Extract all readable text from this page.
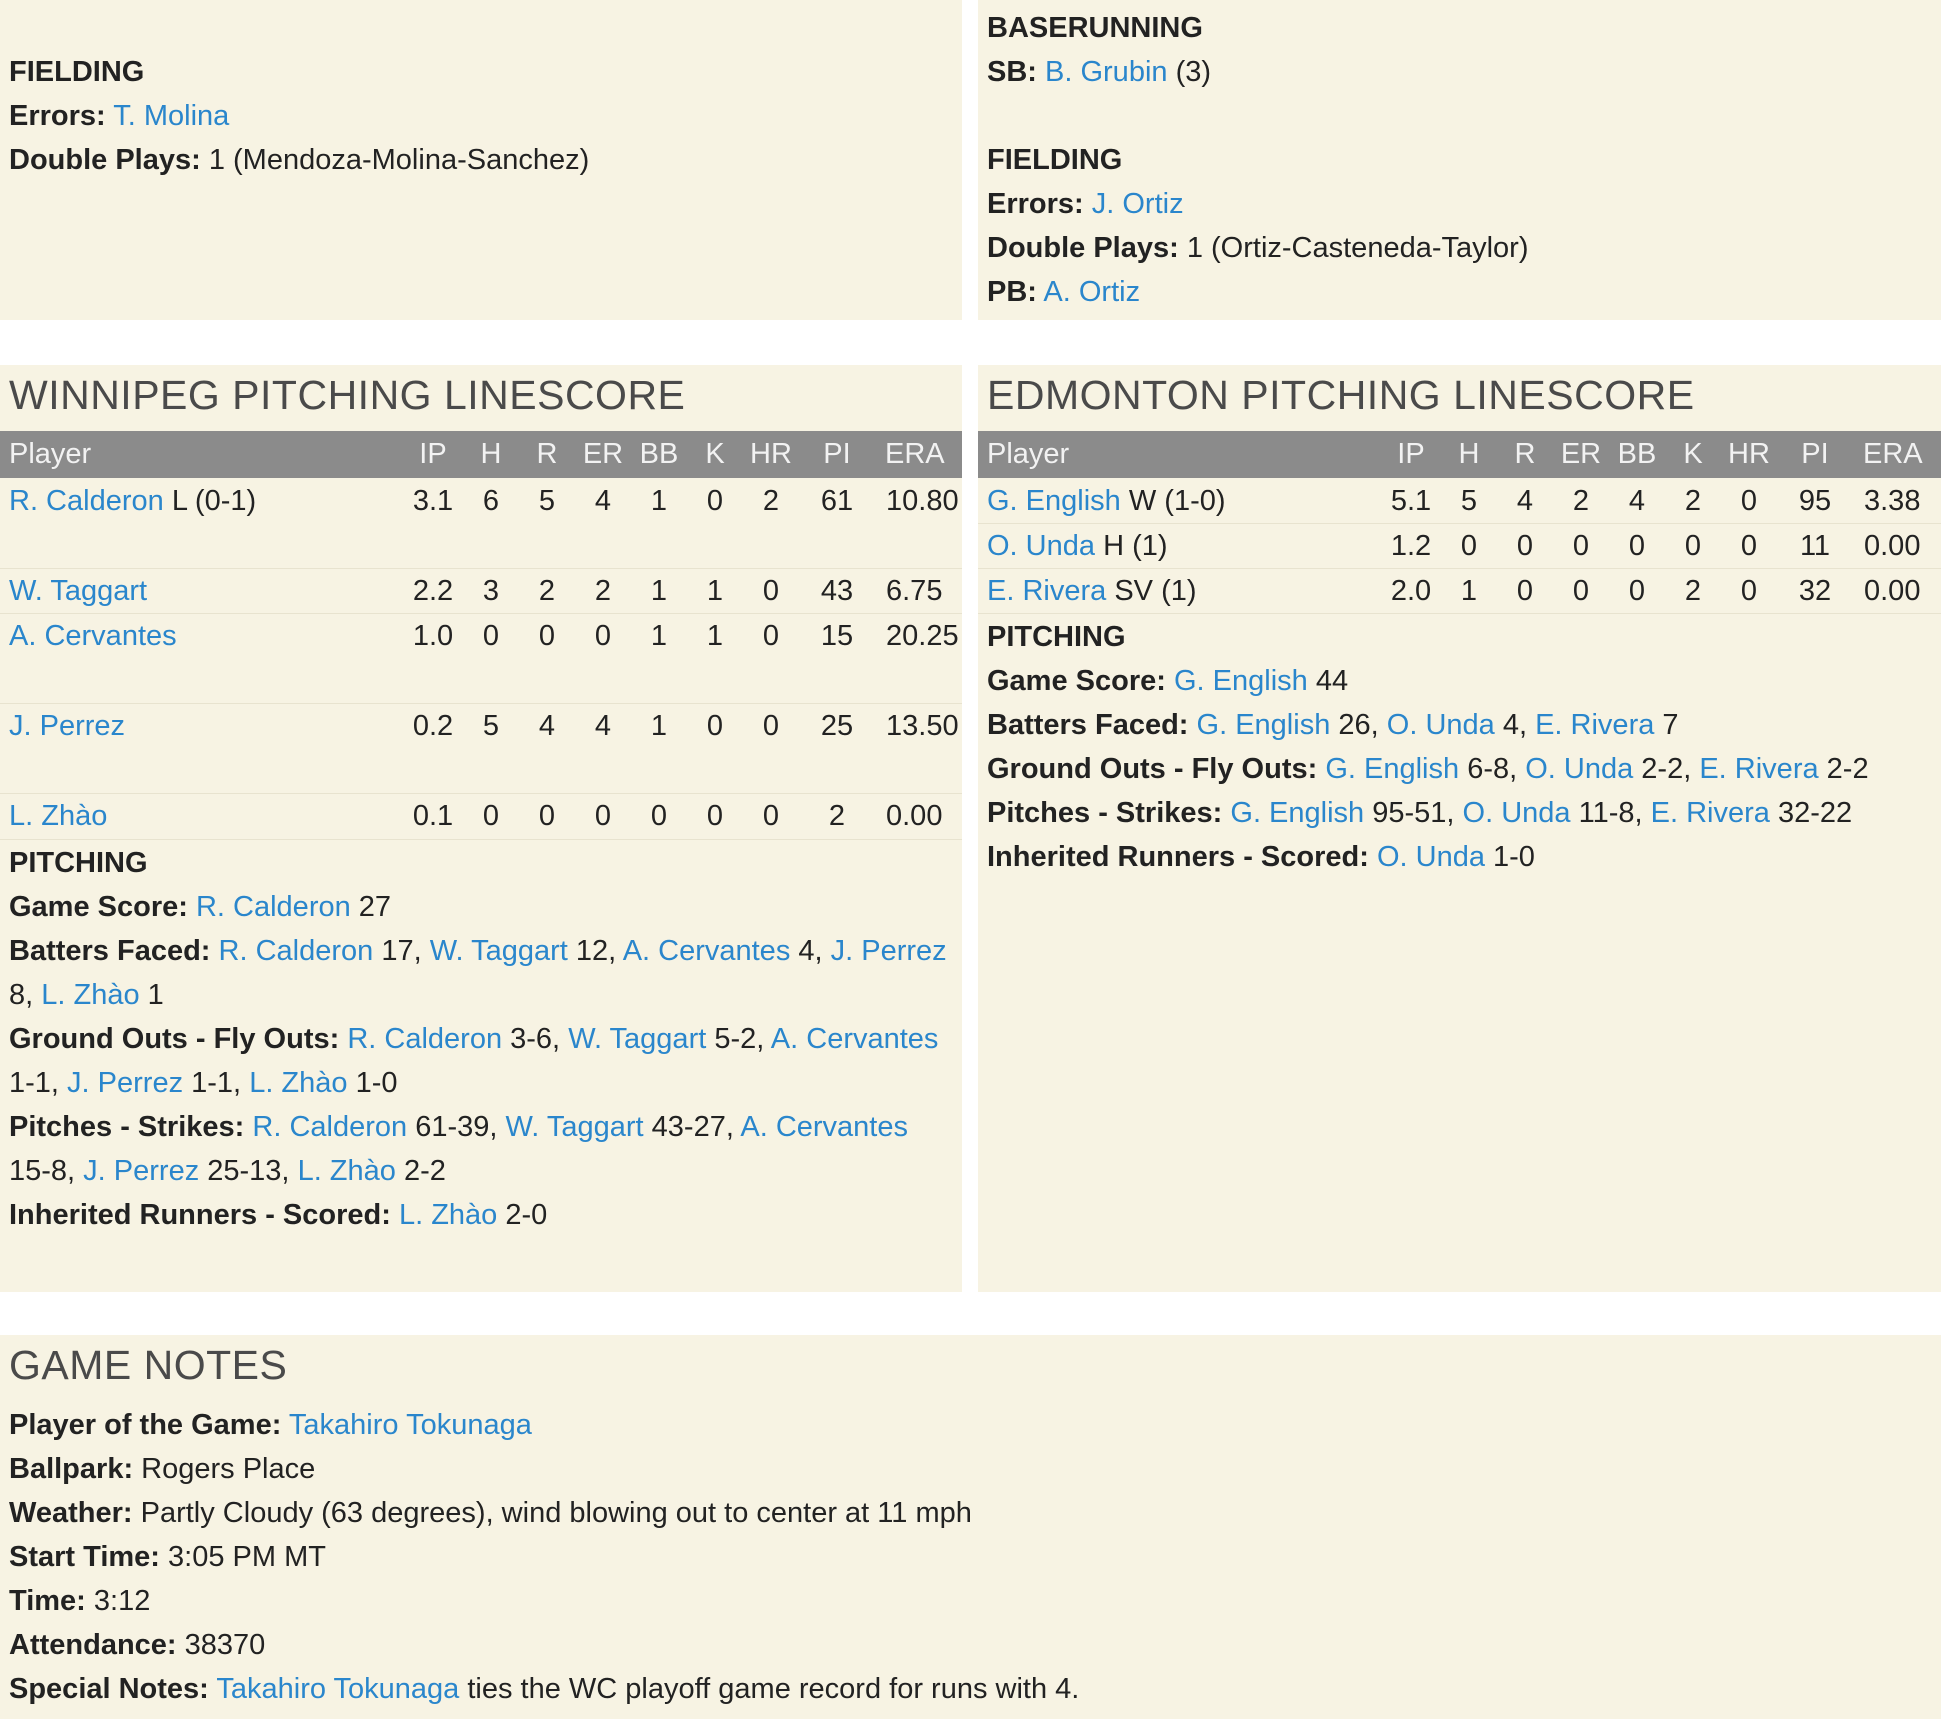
FIELDING
Errors: T. Molina
Double Plays: 1 (Mendoza-Molina-Sanchez)
BASERUNNING
SB: B. Grubin (3)
FIELDING
Errors: J. Ortiz
Double Plays: 1 (Ortiz-Casteneda-Taylor)
PB: A. Ortiz
WINNIPEG PITCHING LINESCORE
Player	IP	H	R ER BB K HR	PI	ERA
R. Calderon L (0-1)	3.1	6	5	4	1	0	2	61	10.80
W. Taggart	2.2	3	2	2	1	1	0	43	6.75
A. Cervantes	1.0	0	0	0	1	1	0	15	20.25
J. Perrez	0.2	5	4	4	1	0	0	25	13.50
L. Zhào	0.1	0	0	0	0	0	0	2	0.00
PITCHING
Game Score: R. Calderon 27
Batters Faced: R. Calderon 17, W. Taggart 12, A. Cervantes 4, J. Perrez
8, L. Zhào 1
Ground Outs - Fly Outs: R. Calderon 3-6, W. Taggart 5-2, A. Cervantes
1-1, J. Perrez 1-1, L. Zhào 1-0
Pitches - Strikes: R. Calderon 61-39, W. Taggart 43-27, A. Cervantes
15-8, J. Perrez 25-13, L. Zhào 2-2
Inherited Runners - Scored: L. Zhào 2-0
EDMONTON PITCHING LINESCORE
Player	IP	H	R ER BB K HR	PI	ERA
G. English W (1-0)	5.1	5	4	2	4	2	0	95	3.38
O. Unda H (1)	1.2	0	0	0	0	0	0	11	0.00
E. Rivera SV (1)	2.0	1	0	0	0	2	0	32	0.00
PITCHING
Game Score: G. English 44
Batters Faced: G. English 26, O. Unda 4, E. Rivera 7
Ground Outs - Fly Outs: G. English 6-8, O. Unda 2-2, E. Rivera 2-2
Pitches - Strikes: G. English 95-51, O. Unda 11-8, E. Rivera 32-22
Inherited Runners - Scored: O. Unda 1-0
GAME NOTES
Player of the Game: Takahiro Tokunaga
Ballpark: Rogers Place
Weather: Partly Cloudy (63 degrees), wind blowing out to center at 11 mph
Start Time: 3:05 PM MT
Time: 3:12
Attendance: 38370
Special Notes: Takahiro Tokunaga ties the WC playoff game record for runs with 4.
